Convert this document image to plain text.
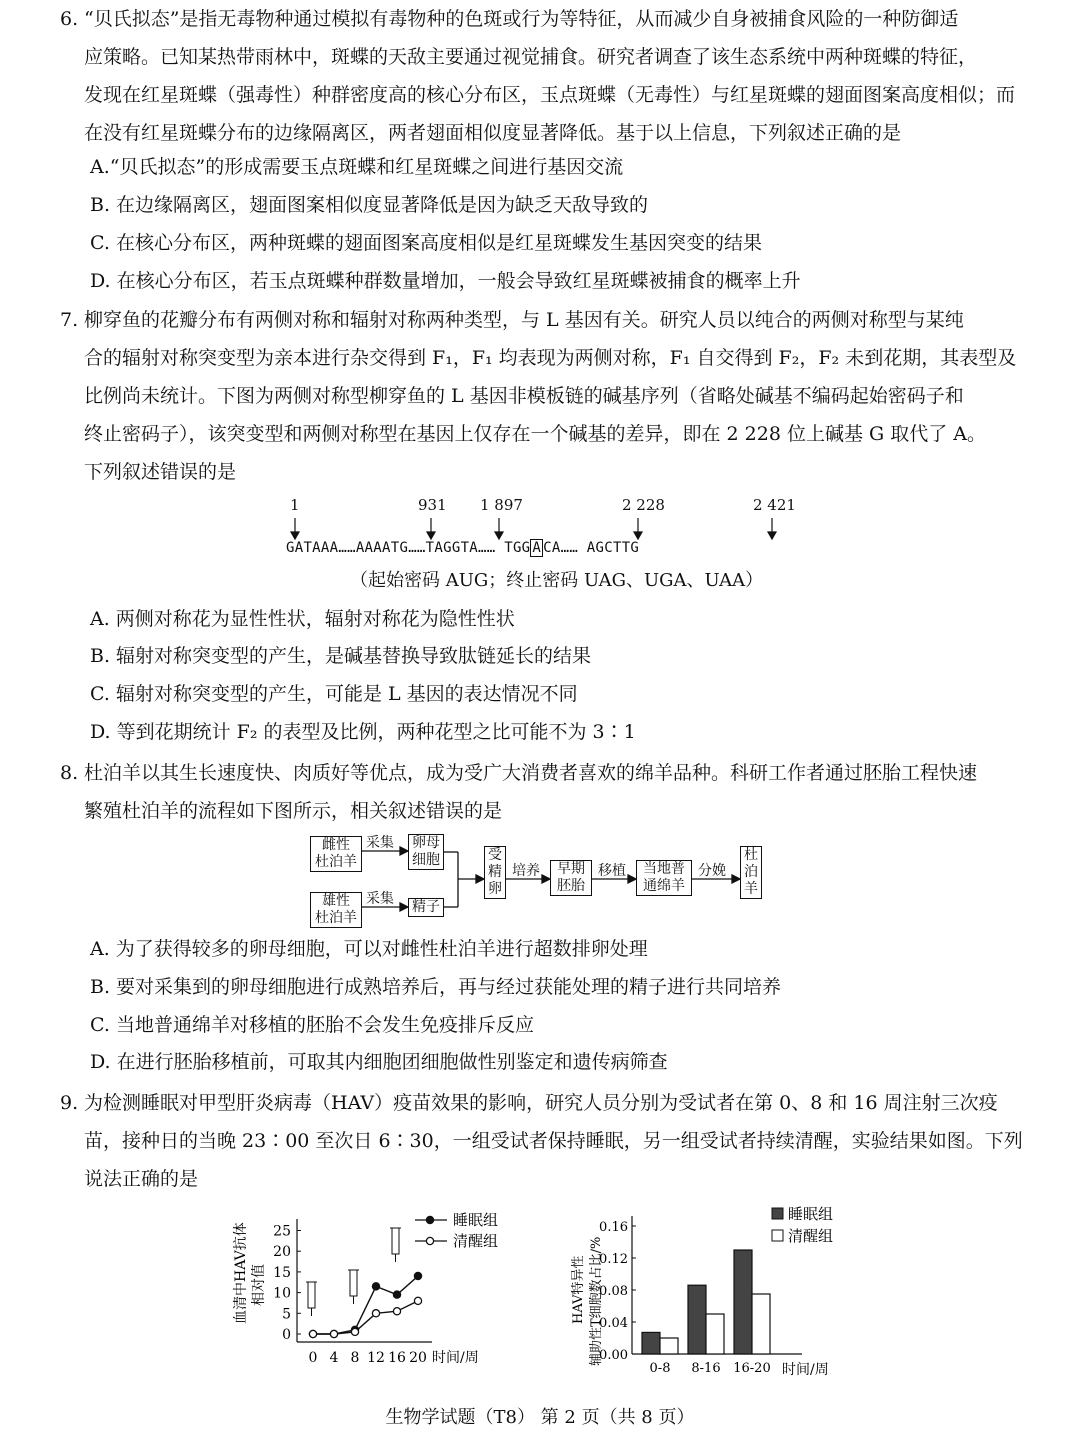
6. “贝氏拟态”是指无毒物种通过模拟有毒物种的色斑或行为等特征，从而减少自身被捕食风险的一种防御适
应策略。已知某热带雨林中，斑蝶的天敌主要通过视觉捕食。研究者调查了该生态系统中两种斑蝶的特征，
发现在红星斑蝶（强毒性）种群密度高的核心分布区，玉点斑蝶（无毒性）与红星斑蝶的翅面图案高度相似；而
在没有红星斑蝶分布的边缘隔离区，两者翅面相似度显著降低。基于以上信息，下列叙述正确的是
A.“贝氏拟态”的形成需要玉点斑蝶和红星斑蝶之间进行基因交流
B. 在边缘隔离区，翅面图案相似度显著降低是因为缺乏天敌导致的
C. 在核心分布区，两种斑蝶的翅面图案高度相似是红星斑蝶发生基因突变的结果
D. 在核心分布区，若玉点斑蝶种群数量增加，一般会导致红星斑蝶被捕食的概率上升
7. 柳穿鱼的花瓣分布有两侧对称和辐射对称两种类型，与 L 基因有关。研究人员以纯合的两侧对称型与某纯
合的辐射对称突变型为亲本进行杂交得到 F₁，F₁ 均表现为两侧对称，F₁ 自交得到 F₂，F₂ 未到花期，其表型及
比例尚未统计。下图为两侧对称型柳穿鱼的 L 基因非模板链的碱基序列（省略处碱基不编码起始密码子和
终止密码子），该突变型和两侧对称型在基因上仅存在一个碱基的差异，即在 2 228 位上碱基 G 取代了 A。
下列叙述错误的是
1	931 1 897	2 228	2 421
GATAAA……AAAATG……TAGGTA…… TGG A CA…… AGCTTG
（起始密码 AUG；终止密码 UAG、UGA、UAA）
A. 两侧对称花为显性性状，辐射对称花为隐性性状
B. 辐射对称突变型的产生，是碱基替换导致肽链延长的结果
C. 辐射对称突变型的产生，可能是 L 基因的表达情况不同
D. 等到花期统计 F₂ 的表型及比例，两种花型之比可能不为 3∶1
8. 杜泊羊以其生长速度快、肉质好等优点，成为受广大消费者喜欢的绵羊品种。科研工作者通过胚胎工程快速
繁殖杜泊羊的流程如下图所示，相关叙述错误的是
雌性
杜泊羊
雄性
杜泊羊
采集
采集
卵母
细胞
精子
受
精
卵
培养	早期
胚胎
移植	当地普
通绵羊
分娩
杜
泊
羊
A. 为了获得较多的卵母细胞，可以对雌性杜泊羊进行超数排卵处理
B. 要对采集到的卵母细胞进行成熟培养后，再与经过获能处理的精子进行共同培养
C. 当地普通绵羊对移植的胚胎不会发生免疫排斥反应
D. 在进行胚胎移植前，可取其内细胞团细胞做性别鉴定和遗传病筛查
9. 为检测睡眠对甲型肝炎病毒（HAV）疫苗效果的影响，研究人员分别为受试者在第 0、8 和 16 周注射三次疫
苗，接种日的当晚 23∶00 至次日 6∶30，一组受试者保持睡眠，另一组受试者持续清醒，实验结果如图。下列
说法正确的是
0
5
10
15
20
25
0 4 8 12 16 20 时间/周
血清中HAV抗体 相对值
睡眠组
清醒组
0.00
0.04
0.08
0.12
0.16
0-8 8-16 16-20 时间/周
HAV特异性 辅助性T细胞数占比/%
睡眠组
清醒组
生物学试题（T8） 第 2 页（共 8 页）
